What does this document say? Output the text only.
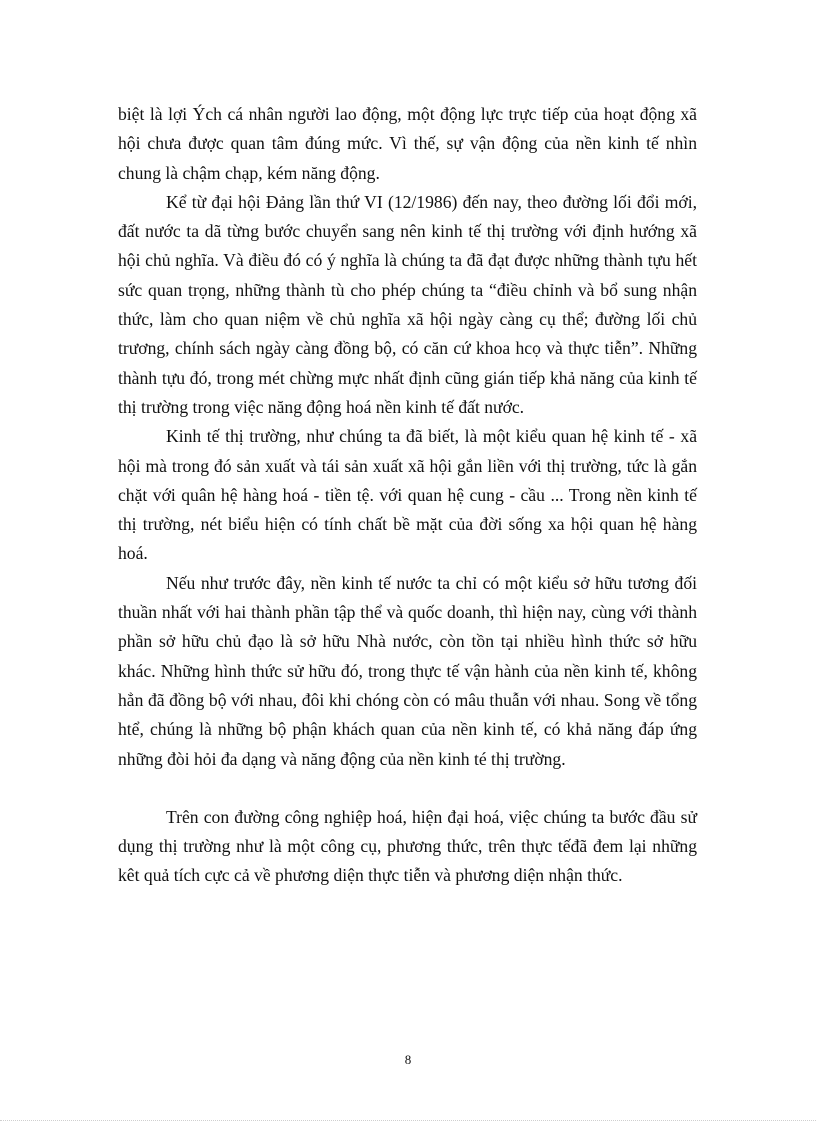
biệt là lợi Ých cá nhân người lao động, một động lực trực tiếp của hoạt động xã hội chưa được quan tâm đúng mức. Vì thế, sự vận động của nền kinh tế nhìn chung là chậm chạp, kém năng động.

Kể từ đại hội Đảng lần thứ VI (12/1986) đến nay, theo đường lối đổi mới, đất nước ta dã từng bước chuyển sang nên kinh tế thị trường với định hướng xã hội chủ nghĩa. Và điều đó có ý nghĩa là chúng ta đã đạt được những thành tựu hết sức quan trọng, những thành tù cho phép chúng ta “điều chỉnh và bổ sung nhận thức, làm cho quan niệm về chủ nghĩa xã hội ngày càng cụ thể; đường lối chủ trương, chính sách ngày càng đồng bộ, có căn cứ khoa hcọ và thực tiễn”. Những thành tựu đó, trong mét chừng mực nhất định cũng gián tiếp khả năng của kinh tế thị trường trong việc năng động hoá nền kinh tế đất nước.

Kinh tế thị trường, như chúng ta đã biết, là một kiểu quan hệ kinh tế - xã hội mà trong đó sản xuất và tái sản xuất xã hội gắn liền với thị trường, tức là gắn chặt với quân hệ hàng hoá - tiền tệ. với quan hệ cung - cầu ... Trong nền kinh tế thị trường, nét biểu hiện có tính chất bề mặt của đời sống xa hội quan hệ hàng hoá.

Nếu như trước đây, nền kinh tế nước ta chỉ có một kiểu sở hữu tương đối thuần nhất với hai thành phần tập thể và quốc doanh, thì hiện nay, cùng với thành phần sở hữu chủ đạo là sở hữu Nhà nước, còn tồn tại nhiều hình thức sở hữu khác. Những hình thức sử hữu đó, trong thực tế vận hành của nền kinh tế, không hẳn đã đồng bộ với nhau, đôi khi chóng còn có mâu thuẫn với nhau. Song về tổng htể, chúng là những bộ phận khách quan của nền kinh tế, có khả năng đáp ứng những đòi hỏi đa dạng và năng động của nền kinh té thị trường.

Trên con đường công nghiệp hoá, hiện đại hoá, việc chúng ta bước đầu sử dụng thị trường như là một công cụ, phương thức, trên thực tếđã đem lại những kêt quả tích cực cả về phương diện thực tiễn và phương diện nhận thức.

8
